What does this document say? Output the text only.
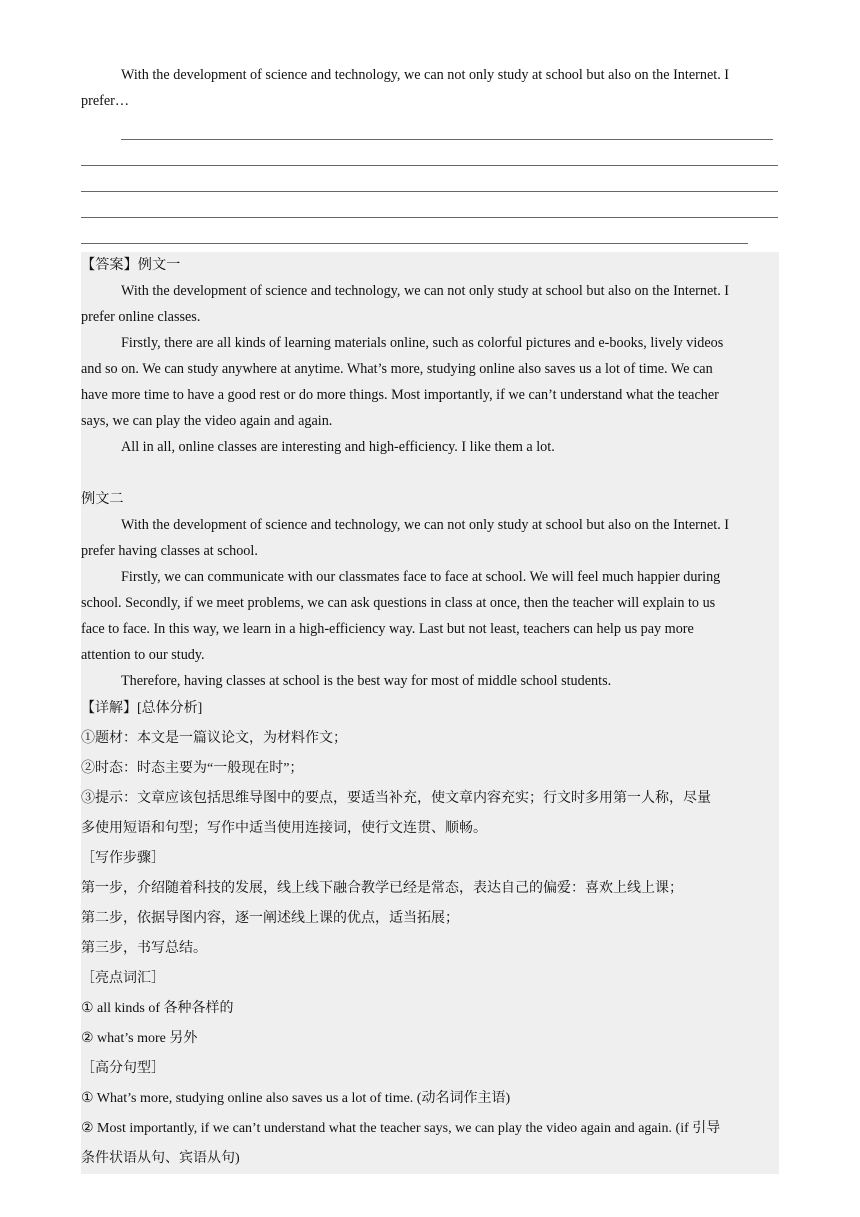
With the development of science and technology, we can not only study at school but also on the Internet. I
prefer…
【答案】例文一
With the development of science and technology, we can not only study at school but also on the Internet. I
prefer online classes.
Firstly, there are all kinds of learning materials online, such as colorful pictures and e-books, lively videos
and so on. We can study anywhere at anytime. What’s more, studying online also saves us a lot of time. We can
have more time to have a good rest or do more things. Most importantly, if we can’t understand what the teacher
says, we can play the video again and again.
All in all, online classes are interesting and high-efficiency. I like them a lot.
例文二
With the development of science and technology, we can not only study at school but also on the Internet. I
prefer having classes at school.
Firstly, we can communicate with our classmates face to face at school. We will feel much happier during
school. Secondly, if we meet problems, we can ask questions in class at once, then the teacher will explain to us
face to face. In this way, we learn in a high-efficiency way. Last but not least, teachers can help us pay more
attention to our study.
Therefore, having classes at school is the best way for most of middle school students.
【详解】[总体分析]
①题材：本文是一篇议论文，为材料作文；
②时态：时态主要为“一般现在时”；
③提示：文章应该包括思维导图中的要点，要适当补充，使文章内容充实；行文时多用第一人称，尽量
多使用短语和句型；写作中适当使用连接词，使行文连贯、顺畅。
［写作步骤］
第一步，介绍随着科技的发展，线上线下融合教学已经是常态，表达自己的偏爱：喜欢上线上课；
第二步，依据导图内容，逐一阐述线上课的优点，适当拓展；
第三步，书写总结。
［亮点词汇］
① all kinds of 各种各样的
② what’s more 另外
［高分句型］
① What’s more, studying online also saves us a lot of time. (动名词作主语)
② Most importantly, if we can’t understand what the teacher says, we can play the video again and again. (if 引导
条件状语从句、宾语从句)
